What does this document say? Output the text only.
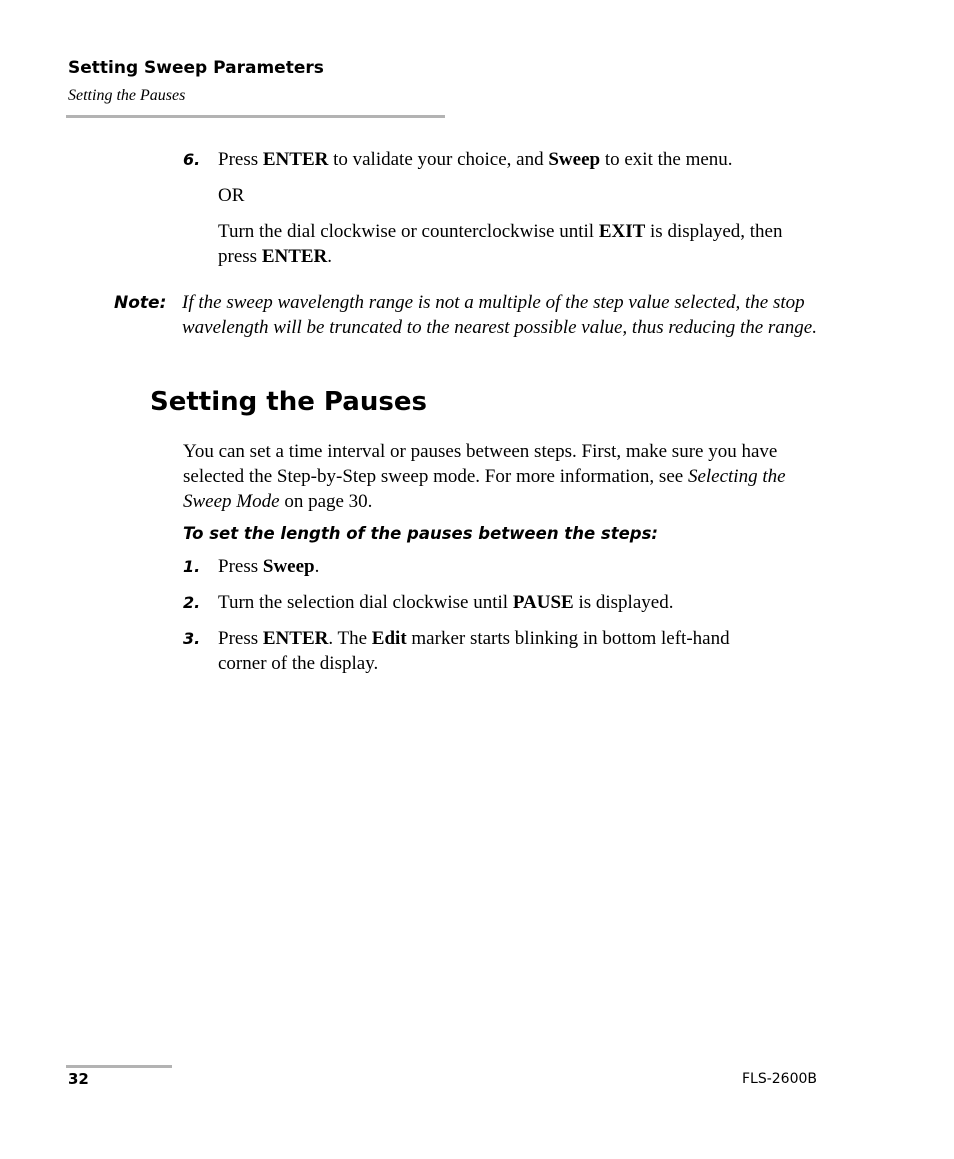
Setting Sweep Parameters
Setting the Pauses
6. Press ENTER to validate your choice, and Sweep to exit the menu.
OR
Turn the dial clockwise or counterclockwise until EXIT is displayed, then press ENTER.
Note: If the sweep wavelength range is not a multiple of the step value selected, the stop wavelength will be truncated to the nearest possible value, thus reducing the range.
Setting the Pauses
You can set a time interval or pauses between steps. First, make sure you have selected the Step-by-Step sweep mode. For more information, see Selecting the Sweep Mode on page 30.
To set the length of the pauses between the steps:
1. Press Sweep.
2. Turn the selection dial clockwise until PAUSE is displayed.
3. Press ENTER. The Edit marker starts blinking in bottom left-hand corner of the display.
32	FLS-2600B
